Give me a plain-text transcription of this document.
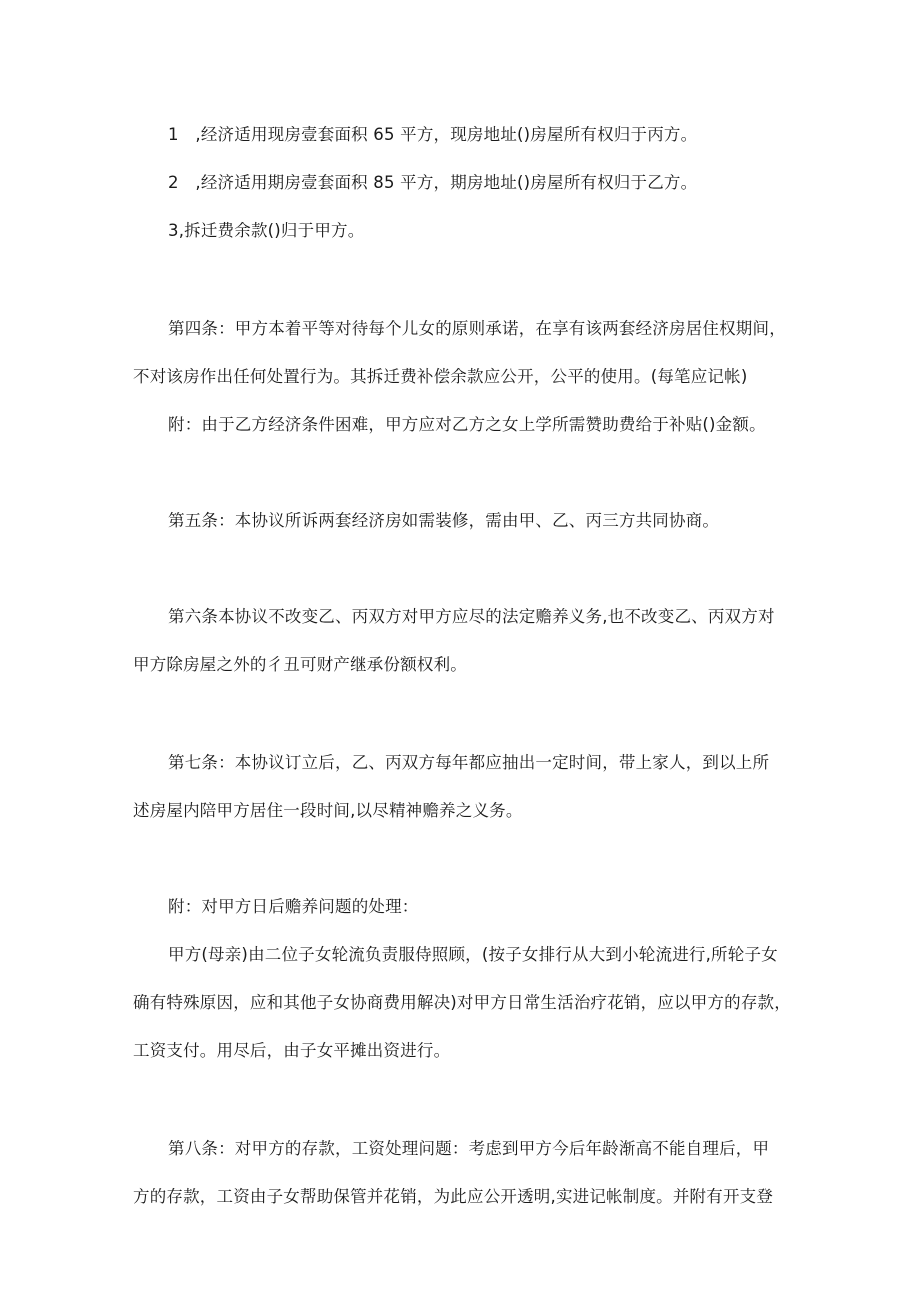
1　,经济适用现房壹套面积 65 平方，现房地址()房屋所有权归于丙方。
2　,经济适用期房壹套面积 85 平方，期房地址()房屋所有权归于乙方。
3,拆迁费余款()归于甲方。
第四条：甲方本着平等对待每个儿女的原则承诺，在享有该两套经济房居住权期间，
不对该房作出任何处置行为。其拆迁费补偿余款应公开，公平的使用。(每笔应记帐)
附：由于乙方经济条件困难，甲方应对乙方之女上学所需赞助费给于补贴()金额。
第五条：本协议所诉两套经济房如需装修，需由甲、乙、丙三方共同协商。
第六条本协议不改变乙、丙双方对甲方应尽的法定赡养义务,也不改变乙、丙双方对
甲方除房屋之外的彳丑可财产继承份额权利。
第七条：本协议订立后，乙、丙双方每年都应抽出一定时间，带上家人，到以上所
述房屋内陪甲方居住一段时间,以尽精神赡养之义务。
附：对甲方日后赡养问题的处理：
甲方(母亲)由二位子女轮流负责服侍照顾，(按子女排行从大到小轮流进行,所轮子女
确有特殊原因，应和其他子女协商费用解决)对甲方日常生活治疗花销，应以甲方的存款，
工资支付。用尽后，由子女平摊出资进行。
第八条：对甲方的存款，工资处理问题：考虑到甲方今后年龄渐高不能自理后，甲
方的存款，工资由子女帮助保管并花销，为此应公开透明,实进记帐制度。并附有开支登
